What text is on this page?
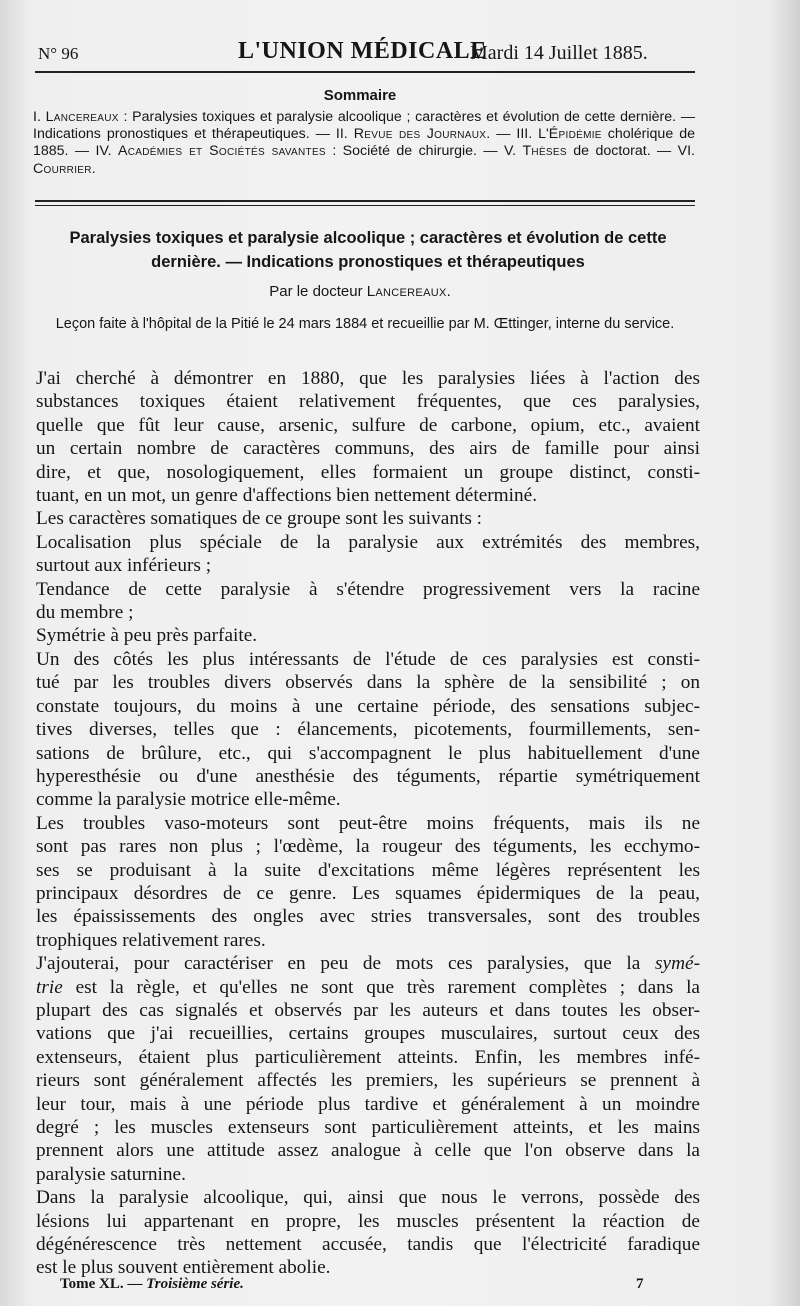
N° 96	L'UNION MÉDICALE
Mardi 14 Juillet 1885.
Sommaire
I. Lancereaux : Paralysies toxiques et paralysie alcoolique ; caractères et évolution de cette dernière. — Indications pronostiques et thérapeutiques. — II. Revue des Journaux. — III. L'Épidémie cholérique de 1885. — IV. Académies et Sociétés savantes : Société de chirurgie. — V. Thèses de doctorat. — VI. Courrier.
Paralysies toxiques et paralysie alcoolique ; caractères et évolution de cette dernière. — Indications pronostiques et thérapeutiques
Par le docteur Lancereaux.
Leçon faite à l'hôpital de la Pitié le 24 mars 1884 et recueillie par M. Œttinger, interne du service.

J'ai cherché à démontrer en 1880, que les paralysies liées à l'action des
substances toxiques étaient relativement fréquentes, que ces paralysies,
quelle que fût leur cause, arsenic, sulfure de carbone, opium, etc., avaient
un certain nombre de caractères communs, des airs de famille pour ainsi
dire, et que, nosologiquement, elles formaient un groupe distinct, consti-
tuant, en un mot, un genre d'affections bien nettement déterminé.

Les caractères somatiques de ce groupe sont les suivants :

Localisation plus spéciale de la paralysie aux extrémités des membres,
surtout aux inférieurs ;

Tendance de cette paralysie à s'étendre progressivement vers la racine
du membre ;

Symétrie à peu près parfaite.

Un des côtés les plus intéressants de l'étude de ces paralysies est consti-
tué par les troubles divers observés dans la sphère de la sensibilité ; on
constate toujours, du moins à une certaine période, des sensations subjec-
tives diverses, telles que : élancements, picotements, fourmillements, sen-
sations de brûlure, etc., qui s'accompagnent le plus habituellement d'une
hyperesthésie ou d'une anesthésie des téguments, répartie symétriquement
comme la paralysie motrice elle-même.

Les troubles vaso-moteurs sont peut-être moins fréquents, mais ils ne
sont pas rares non plus ; l'œdème, la rougeur des téguments, les ecchymo-
ses se produisant à la suite d'excitations même légères représentent les
principaux désordres de ce genre. Les squames épidermiques de la peau,
les épaississements des ongles avec stries transversales, sont des troubles
trophiques relativement rares.

J'ajouterai, pour caractériser en peu de mots ces paralysies, que la symé-
trie est la règle, et qu'elles ne sont que très rarement complètes ; dans la
plupart des cas signalés et observés par les auteurs et dans toutes les obser-
vations que j'ai recueillies, certains groupes musculaires, surtout ceux des
extenseurs, étaient plus particulièrement atteints. Enfin, les membres infé-
rieurs sont généralement affectés les premiers, les supérieurs se prennent à
leur tour, mais à une période plus tardive et généralement à un moindre
degré ; les muscles extenseurs sont particulièrement atteints, et les mains
prennent alors une attitude assez analogue à celle que l'on observe dans la
paralysie saturnine.

Dans la paralysie alcoolique, qui, ainsi que nous le verrons, possède des
lésions lui appartenant en propre, les muscles présentent la réaction de
dégénérescence très nettement accusée, tandis que l'électricité faradique
est le plus souvent entièrement abolie.

Tome XL. — Troisième série.	7
